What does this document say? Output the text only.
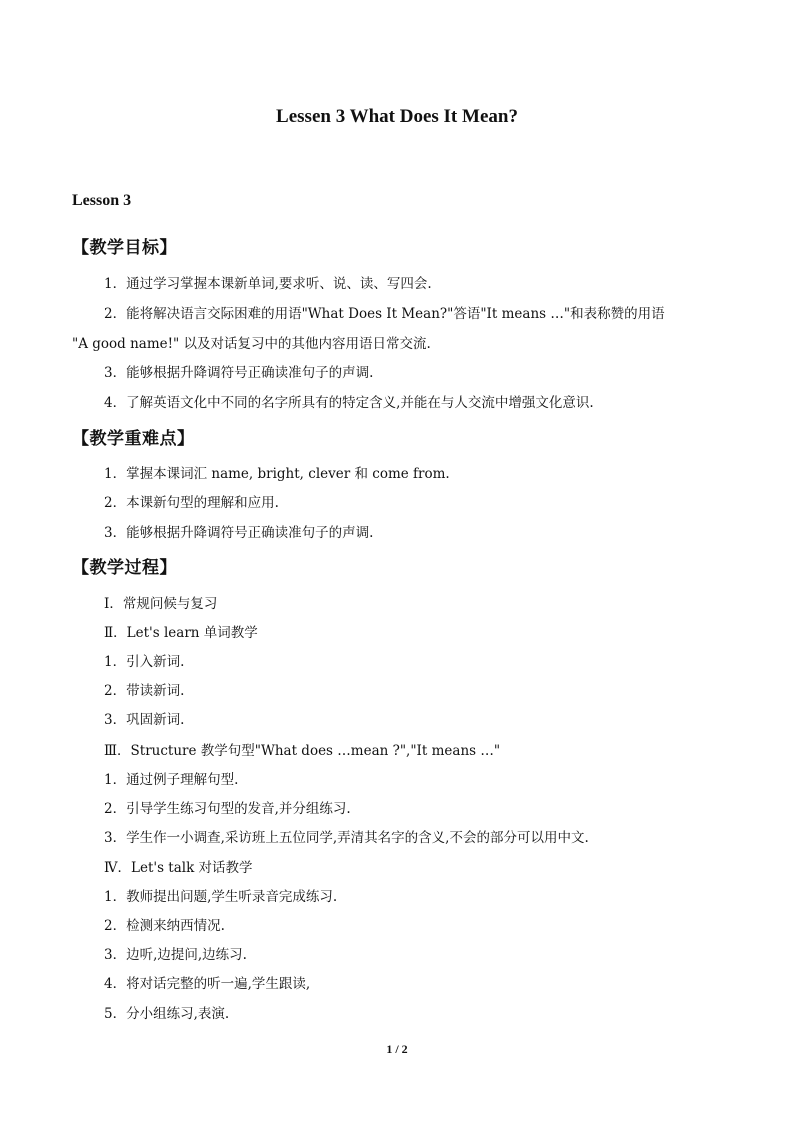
Lessen 3 What Does It Mean?
Lesson 3
【教学目标】
1．通过学习掌握本课新单词,要求听、说、读、写四会.
2．能将解决语言交际困难的用语"What Does It Mean?"答语"It means …"和表称赞的用语
"A good name!" 以及对话复习中的其他内容用语日常交流.
3．能够根据升降调符号正确读准句子的声调.
4．了解英语文化中不同的名字所具有的特定含义,并能在与人交流中增强文化意识.
【教学重难点】
1．掌握本课词汇 name, bright, clever 和 come from.
2．本课新句型的理解和应用.
3．能够根据升降调符号正确读准句子的声调.
【教学过程】
Ⅰ．常规问候与复习
Ⅱ．Let's learn 单词教学
1．引入新词.
2．带读新词.
3．巩固新词.
Ⅲ．Structure 教学句型"What does …mean ?","It means …"
1．通过例子理解句型.
2．引导学生练习句型的发音,并分组练习.
3．学生作一小调查,采访班上五位同学,弄清其名字的含义,不会的部分可以用中文.
Ⅳ．Let's talk 对话教学
1．教师提出问题,学生听录音完成练习.
2．检测来纳西情况.
3．边听,边提问,边练习.
4．将对话完整的听一遍,学生跟读,
5．分小组练习,表演.
1 / 2
